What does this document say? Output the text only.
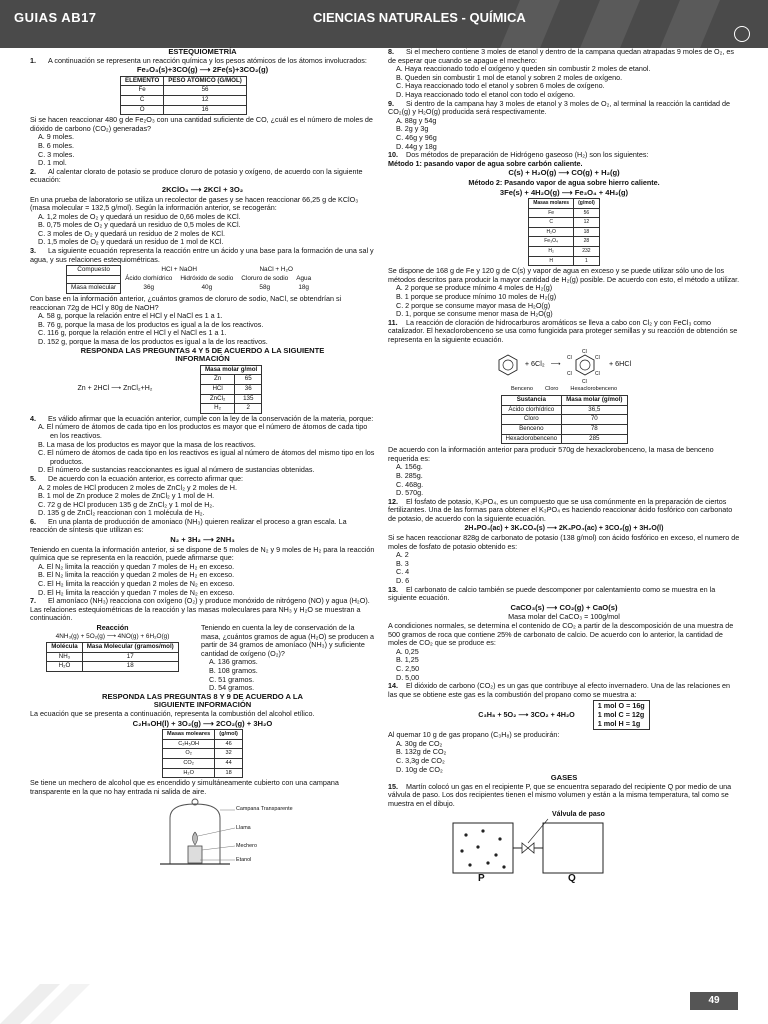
GUIAS AB17	CIENCIAS NATURALES - QUÍMICA
ESTEQUIOMETRÍA
1. A continuación se representa un reacción química y los pesos atómicos de los átomos involucrados:
Fe₂O₃(s)+3CO(g) ⟶ 2Fe(s)+3CO₂(g)
ELEMENTO	PESO ATÓMICO (G/MOL)
Fe	56
C	12
O	16
Si se hacen reaccionar 480 g de Fe₂O₃ con una cantidad suficiente de CO, ¿cuál es el número de moles de dióxido de carbono (CO₂) generadas?
A. 9 moles.
B. 6 moles.
C. 3 moles.
D. 1 mol.
2. Al calentar clorato de potasio se produce cloruro de potasio y oxígeno, de acuerdo con la siguiente ecuación:
2KClO₃ ⟶ 2KCl + 3O₂
En una prueba de laboratorio se utiliza un recolector de gases y se hacen reaccionar 66,25 g de KClO₃ (masa molecular = 132,5 g/mol). Según la información anterior, se recogerán:
A. 1,2 moles de O₂ y quedará un residuo de 0,66 moles de KCl.
B. 0,75 moles de O₂ y quedará un residuo de 0,5 moles de KCl.
C. 3 moles de O₂ y quedará un residuo de 2 moles de KCl.
D. 1,5 moles de O₂ y quedará un residuo de 1 mol de KCl.
3. La siguiente ecuación representa la reacción entre un ácido y una base para la formación de una sal y agua, y sus relaciones estequiométricas.
Compuesto	HCl + NaOH		NaCl + H₂O	
	Ácido clorhídrico	Hidróxido de sodio	Cloruro de sodio	Agua
Masa molecular	36g	40g	58g	18g
Con base en la información anterior, ¿cuántos gramos de cloruro de sodio, NaCl, se obtendrían si reaccionan 72g de HCl y 80g de NaOH?
A. 58 g, porque la relación entre el HCl y el NaCl es 1 a 1.
B. 76 g, porque la masa de los productos es igual a la de los reactivos.
C. 116 g, porque la relación entre el HCl y el NaCl es 1 a 1.
D. 152 g, porque la masa de los productos es igual a la de los reactivos.
RESPONDA LAS PREGUNTAS 4 Y 5 DE ACUERDO A LA SIGUIENTE INFORMACIÓN
Zn + 2HCl ⟶ ZnCl₂+H₂
Masa molar g/mol	
Zn	65
HCl	36
ZnCl₂	135
H₂	2
4. Es válido afirmar que la ecuación anterior, cumple con la ley de la conservación de la materia, porque:
A. El número de átomos de cada tipo en los productos es mayor que el número de átomos de cada tipo en los reactivos.
B. La masa de los productos es mayor que la masa de los reactivos.
C. El número de átomos de cada tipo en los reactivos es igual al número de átomos del mismo tipo en los productos.
D. El número de sustancias reaccionantes es igual al número de sustancias obtenidas.
5. De acuerdo con la ecuación anterior, es correcto afirmar que:
A. 2 moles de HCl producen 2 moles de ZnCl₂ y 2 moles de H.
B. 1 mol de Zn produce 2 moles de ZnCl₂ y 1 mol de H.
C. 72 g de HCl producen 135 g de ZnCl₂ y 1 mol de H₂.
D. 135 g de ZnCl₂ reaccionan con 1 molécula de H₂.
6. En una planta de producción de amoniaco (NH₃) quieren realizar el proceso a gran escala. La reacción de síntesis que utilizan es:
N₂ + 3H₂ ⟶ 2NH₃
Teniendo en cuenta la información anterior, si se dispone de 5 moles de N₂ y 9 moles de H₂ para la reacción química que se representa en la reacción, puede afirmarse que:
A. El N₂ limita la reacción y quedan 7 moles de H₂ en exceso.
B. El N₂ limita la reacción y quedan 2 moles de H₂ en exceso.
C. El H₂ limita la reacción y quedan 2 moles de N₂ en exceso.
D. El H₂ limita la reacción y quedan 7 moles de N₂ en exceso.
7. El amoníaco (NH₃) reacciona con oxígeno (O₂) y produce monóxido de nitrógeno (NO) y agua (H₂O). Las relaciones estequiométricas de la reacción y las masas moleculares para NH₃ y H₂O se muestran a continuación.
Reacción
4NH₃(g) + 5O₂(g) ⟶ 4NO(g) + 6H₂O(g)
Molécula	Masa Molecular (gramos/mol)
NH₃	17
H₂O	18
Teniendo en cuenta la ley de conservación de la masa, ¿cuántos gramos de agua (H₂O) se producen a partir de 34 gramos de amoníaco (NH₃) y suficiente cantidad de oxígeno (O₂)?
A. 136 gramos.
B. 108 gramos.
C. 51 gramos.
D. 54 gramos.
RESPONDA LAS PREGUNTAS 8 Y 9 DE ACUERDO A LA SIGUIENTE INFORMACIÓN
La ecuación que se presenta a continuación, representa la combustión del alcohol etílico.
C₂H₅OH(l) + 3O₂(g) ⟶ 2CO₂(g) + 3H₂O
Masas moleares	(g/mol)
C₂H₅OH	46
O₂	32
CO₂	44
H₂O	18
Se tiene un mechero de alcohol que es encendido y simultáneamente cubierto con una campana transparente en la que no hay entrada ni salida de aire.
Campana Transparente
Llama
Mechero
Etanol
8. Si el mechero contiene 3 moles de etanol y dentro de la campana quedan atrapadas 9 moles de O₂, es de esperar que cuando se apague el mechero:
A. Haya reaccionado todo el oxígeno y queden sin combustir 2 moles de etanol.
B. Queden sin combustir 1 mol de etanol y sobren 2 moles de oxígeno.
C. Haya reaccionado todo el etanol y sobren 6 moles de oxígeno.
D. Haya reaccionado todo el etanol con todo el oxígeno.
9. Si dentro de la campana hay 3 moles de etanol y 3 moles de O₂, al terminal la reacción la cantidad de CO₂(g) y H₂O(g) producida será respectivamente.
A. 88g y 54g
B. 2g y 3g
C. 46g y 96g
D. 44g y 18g
10. Dos métodos de preparación de Hidrógeno gaseoso (H₂) son los siguientes:
Método 1: pasando vapor de agua sobre carbón caliente.
C(s) + H₂O(g) ⟶ CO(g) + H₂(g)
Método 2: Pasando vapor de agua sobre hierro caliente.
3Fe(s) + 4H₂O(g) ⟶ Fe₃O₄ + 4H₂(g)
Masas molares	(g/mol)
Fe	56
C	12
H₂O	18
Fe₃O₄	28
H₂	232
H	1
Se dispone de 168 g de Fe y 120 g de C(s) y vapor de agua en exceso y se puede utilizar sólo uno de los métodos descritos para producir la mayor cantidad de H₂(g) posible. De acuerdo con esto, el método a utilizar.
A. 2 porque se produce mínimo 4 moles de H₂(g)
B. 1 porque se produce mínimo 10 moles de H₂(g)
C. 2 porque se consume mayor masa de H₂O(g)
D. 1, porque se consume menor masa de H₂O(g)
11. La reacción de cloración de hidrocarburos aromáticos se lleva a cabo con Cl₂ y con FeCl₃ como catalizador. El hexaclorobenceno se usa como fungicida para proteger semillas y su reacción de obtención se representa en la siguiente ecuación.
+ 6Cl₂ ⟶
Cl
Cl
Cl
Cl
Cl
Cl
+ 6HCl
Benceno Cloro Hexaclorobenceno
Sustancia	Masa molar (g/mol)
Ácido clorhídrico	36,5
Cloro	70
Benceno	78
Hexaclorobenceno	285
De acuerdo con la información anterior para producir 570g de hexaclorobenceno, la masa de benceno requerida es:
A. 156g.
B. 285g.
C. 468g.
D. 570g.
12. El fosfato de potasio, K₃PO₄, es un compuesto que se usa comúnmente en la preparación de ciertos fertilizantes. Una de las formas para obtener el K₃PO₄ es haciendo reaccionar ácido fosfórico con carbonato de potasio, de acuerdo con la siguiente ecuación.
2H₃PO₄(ac) + 3K₂CO₃(s) ⟶ 2K₃PO₄(ac) + 3CO₂(g) + 3H₂O(l)
Si se hacen reaccionar 828g de carbonato de potasio (138 g/mol) con ácido fosfórico en exceso, el numero de moles de fosfato de potasio obtenido es:
A. 2
B. 3
C. 4
D. 6
13. El carbonato de calcio también se puede descomponer por calentamiento como se muestra en la siguiente ecuación.
CaCO₃(s) ⟶ CO₂(g) + CaO(s)
Masa molar del CaCO₃ = 100g/mol
A condiciones normales, se determina el contenido de CO₂ a partir de la descomposición de una muestra de 500 gramos de roca que contiene 25% de carbonato de calcio. De acuerdo con lo anterior, la cantidad de moles de CO₂ que se produce es:
A. 0,25
B. 1,25
C. 2,50
D. 5,00
14. El dióxido de carbono (CO₂) es un gas que contribuye al efecto invernadero. Una de las relaciones en las que se obtiene este gas es la combustión del propano como se muestra a:
C₃H₈ + 5O₂ ⟶ 3CO₂ + 4H₂O
1 mol O = 16g
1 mol C = 12g
1 mol H = 1g
Al quemar 10 g de gas propano (C₃H₈) se producirán:
A. 30g de CO₂
B. 132g de CO₂
C. 3,3g de CO₂
D. 10g de CO₂
GASES
15. Martín colocó un gas en el recipiente P, que se encuentra separado del recipiente Q por medio de una válvula de paso. Los dos recipientes tienen el mismo volumen y están a la misma temperatura, tal como se muestra en el dibujo.
Válvula de paso
P	Q
49
